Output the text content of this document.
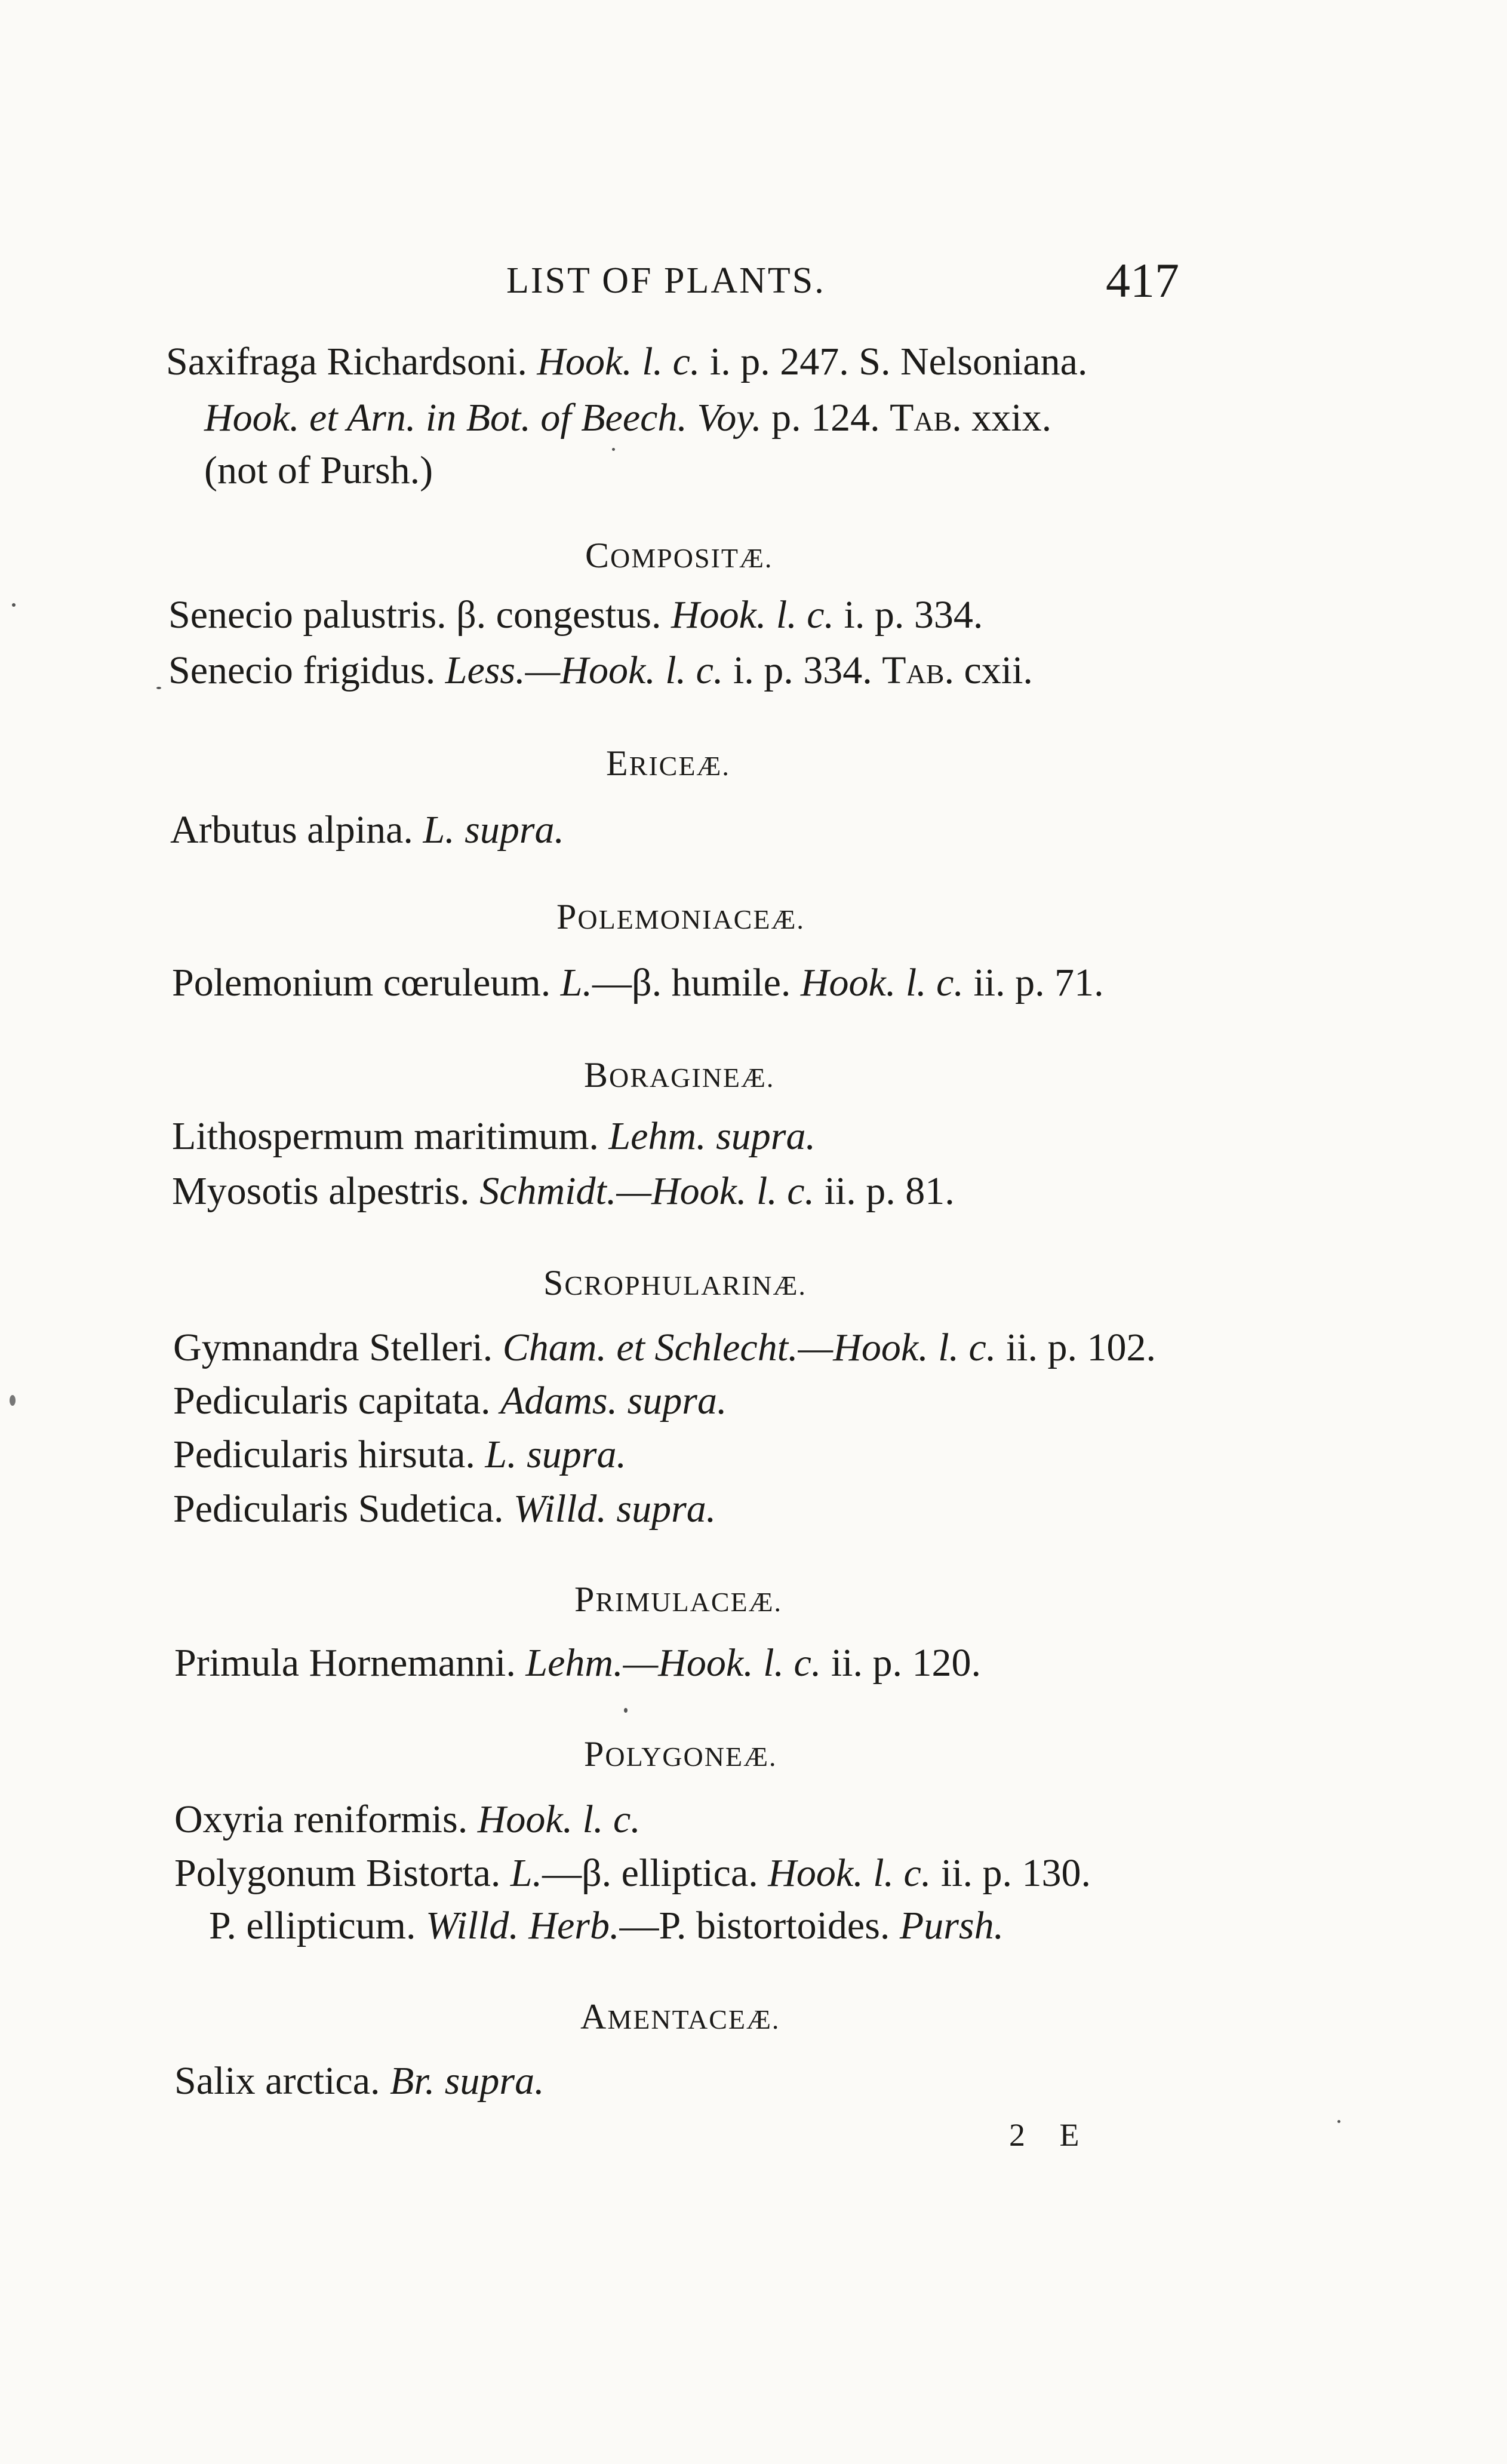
LIST OF PLANTS.	417
Saxifraga Richardsoni. Hook. l. c. i. p. 247. S. Nelsoniana.
Hook. et Arn. in Bot. of Beech. Voy. p. 124. Tab. xxix.
(not of Pursh.)
COMPOSITÆ.
Senecio palustris. β. congestus. Hook. l. c. i. p. 334.
Senecio frigidus. Less.—Hook. l. c. i. p. 334. Tab. cxii.
ERICEÆ.
Arbutus alpina. L. supra.
POLEMONIACEÆ.
Polemonium cœruleum. L.—β. humile. Hook. l. c. ii. p. 71.
BORAGINEÆ.
Lithospermum maritimum. Lehm. supra.
Myosotis alpestris. Schmidt.—Hook. l. c. ii. p. 81.
SCROPHULARINÆ.
Gymnandra Stelleri. Cham. et Schlecht.—Hook. l. c. ii. p. 102.
Pedicularis capitata. Adams. supra.
Pedicularis hirsuta. L. supra.
Pedicularis Sudetica. Willd. supra.
PRIMULACEÆ.
Primula Hornemanni. Lehm.—Hook. l. c. ii. p. 120.
POLYGONEÆ.
Oxyria reniformis. Hook. l. c.
Polygonum Bistorta. L.—β. elliptica. Hook. l. c. ii. p. 130.
P. ellipticum. Willd. Herb.—P. bistortoides. Pursh.
AMENTACEÆ.
Salix arctica. Br. supra.
2 E
